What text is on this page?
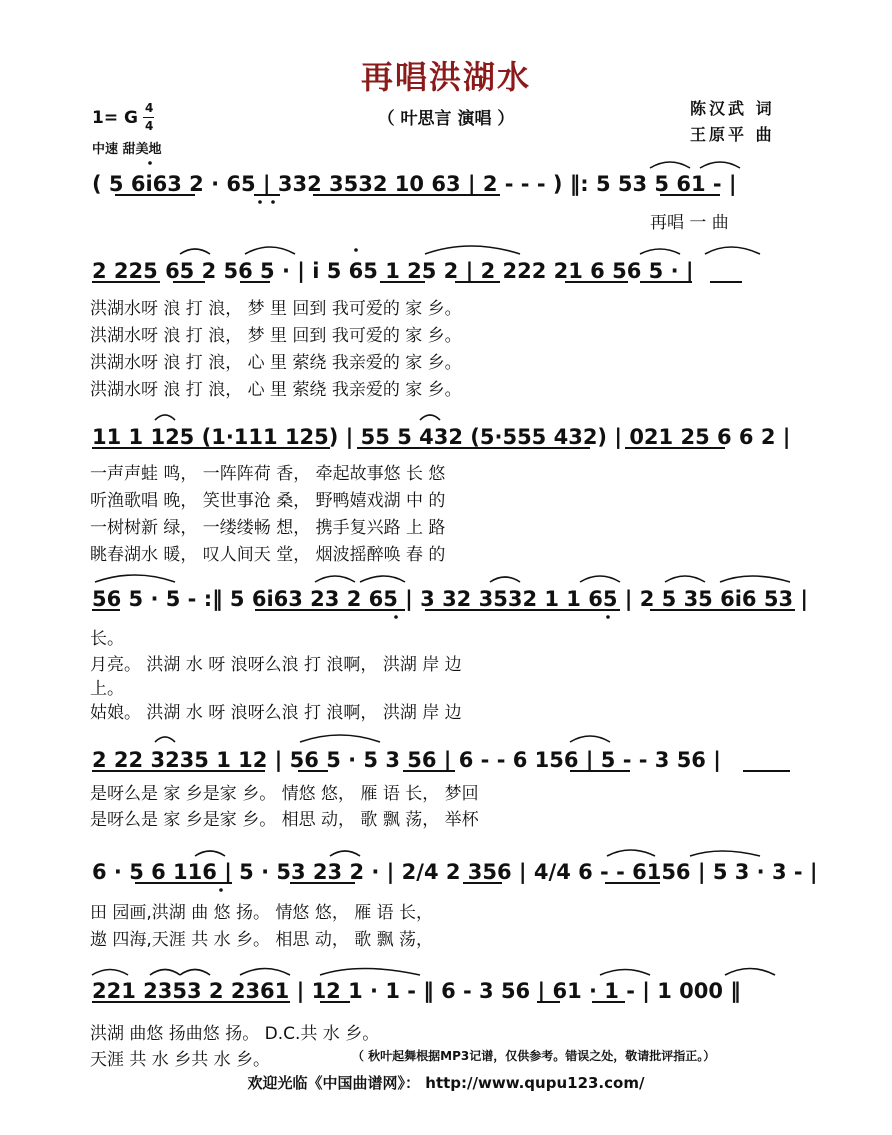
再唱洪湖水
（ 叶思言 演唱 ）
陈汉武 词
王原平 曲
1= G 4
4
中速 甜美地
( 5 6i63 2 · 65 | 332 3532 10 63 | 2 - - - ) ‖: 5 53 5 61 - |
再唱 一 曲
2 225 65 2 56 5 · | i 5 65 1 25 2 | 2 222 21 6 56 5 · |
洪湖水呀 浪 打 浪， 梦 里 回到 我可爱的 家 乡。
洪湖水呀 浪 打 浪， 梦 里 回到 我可爱的 家 乡。
洪湖水呀 浪 打 浪， 心 里 萦绕 我亲爱的 家 乡。
洪湖水呀 浪 打 浪， 心 里 萦绕 我亲爱的 家 乡。
11 1 125 (1·111 125) | 55 5 432 (5·555 432) | 021 25 6 6 2 |
一声声蛙 鸣， 一阵阵荷 香， 牵起故事悠 长 悠
听渔歌唱 晚， 笑世事沧 桑， 野鸭嬉戏湖 中 的
一树树新 绿， 一缕缕畅 想， 携手复兴路 上 路
眺春湖水 暖， 叹人间天 堂， 烟波摇醉唤 春 的
56 5 · 5 - :‖ 5 6i63 23 2 65 | 3 32 3532 1 1 65 | 2 5 35 6i6 53 |
长。
月亮。 洪湖 水 呀 浪呀么浪 打 浪啊， 洪湖 岸 边
上。
姑娘。 洪湖 水 呀 浪呀么浪 打 浪啊， 洪湖 岸 边
2 22 3235 1 12 | 56 5 · 5 3 56 | 6 - - 6 156 | 5 - - 3 56 |
是呀么是 家 乡是家 乡。 情悠 悠， 雁 语 长， 梦回
是呀么是 家 乡是家 乡。 相思 动， 歌 飘 荡， 举杯
6 · 5 6 116 | 5 · 53 23 2 · | 2/4 2 356 | 4/4 6 - - 6156 | 5 3 · 3 - |
田 园画,洪湖 曲 悠 扬。 情悠 悠， 雁 语 长，
遨 四海,天涯 共 水 乡。 相思 动， 歌 飘 荡，
221 2353 2 2361 | 12 1 · 1 - ‖ 6 - 3 56 | 61 · 1 - | 1 000 ‖
洪湖 曲悠 扬曲悠 扬。 D.C.共 水 乡。
天涯 共 水 乡共 水 乡。	（ 秋叶起舞根据MP3记谱，仅供参考。错误之处，敬请批评指正。）
欢迎光临《中国曲谱网》： http://www.qupu123.com/
